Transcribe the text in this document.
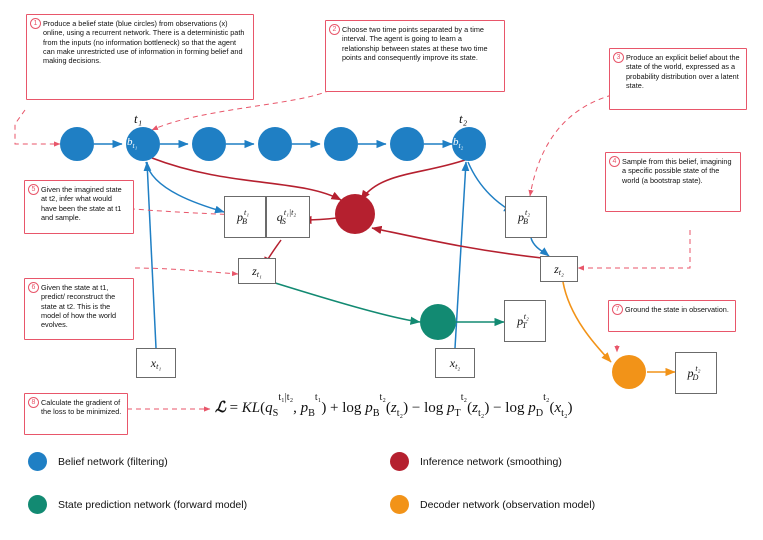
1 Produce a belief state (blue circles) from observations (x) online, using a recurrent network. There is a deterministic path from the inputs (no information bottleneck) so that the agent can make unrestricted use of information in forming belief and making decisions.
2 Choose two time points separated by a time interval. The agent is going to learn a relationship between states at these two time points and consequently improve its state.	3 Produce an explicit belief about the state of the world, expressed as a probability distribution over a latent state.
4 Sample from this belief, imagining a specific possible state of the world (a bootstrap state).
5 Given the imagined state at t2, infer what would have been the state at t1 and sample.
6 Given the state at t1, predict/ reconstruct the state at t2. This is the model of how the world evolves.
7 Ground the state in observation.
8 Calculate the gradient of the loss to be minimized.
t₁	t₂
$b_{t_1}$	$b_{t_2}$
$p_B$
$^{t_1}$ $q_S$
$^{t_1|t_2}$	$p_B$
$^{t_2}$
$z_{t_1}$	$z_{t_2}$
$p_T$
$^{t_2}$
$p_D$
$^{t_2}$
$x_{t_1}$	$x_{t_2}$
ℒ = $KL(q_S^{t_1|t_2}$, $p_B^{t_1}) + \log p_B^{t_2}(z_{t_2}) - \log p_T^{t_2}(z_{t_2}) - \log p_D^{t_2}(x_{t_2})$
Belief network (filtering)	Inference network (smoothing)
State prediction network (forward model)	Decoder network (observation model)
